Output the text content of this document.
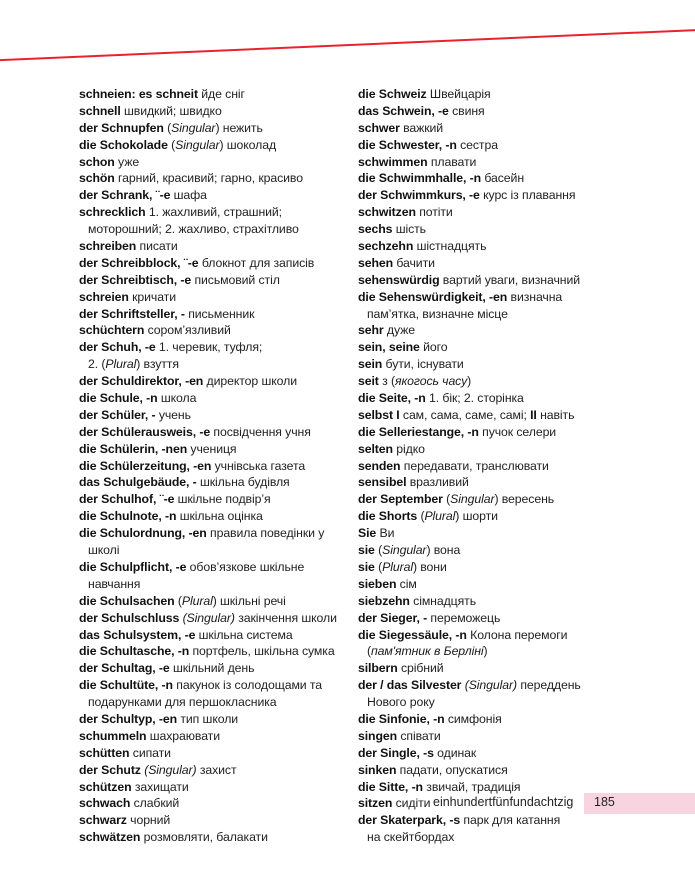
schneien: es schneit йде сніг
schnell швидкий; швидко
der Schnupfen (Singular) нежить
die Schokolade (Singular) шоколад
schon уже
schön гарний, красивий; гарно, красиво
der Schrank, ¨-e шафа
schrecklich 1. жахливий, страшний;
моторошний; 2. жахливо, страхітливо
schreiben писати
der Schreibblock, ¨-e блокнот для записів
der Schreibtisch, -e письмовий стіл
schreien кричати
der Schriftsteller, - письменник
schüchtern сором’язливий
der Schuh, -e 1. черевик, туфля;
2. (Plural) взуття
der Schuldirektor, -en директор школи
die Schule, -n школа
der Schüler, - учень
der Schülerausweis, -e посвідчення учня
die Schülerin, -nen учениця
die Schülerzeitung, -en учнівська газета
das Schulgebäude, - шкільна будівля
der Schulhof, ¨-e шкільне подвір’я
die Schulnote, -n шкільна оцінка
die Schulordnung, -en правила поведінки у
школі
die Schulpflicht, -e обов’язкове шкільне
навчання
die Schulsachen (Plural) шкільні речі
der Schulschluss (Singular) закінчення школи
das Schulsystem, -e шкільна система
die Schultasche, -n портфель, шкільна сумка
der Schultag, -e шкільний день
die Schultüte, -n пакунок із солодощами та
подарунками для першокласника
der Schultyp, -en тип школи
schummeln шахраювати
schütten сипати
der Schutz (Singular) захист
schützen захищати
schwach слабкий
schwarz чорний
schwätzen розмовляти, балакати
die Schweiz Швейцарія
das Schwein, -e свиня
schwer важкий
die Schwester, -n сестра
schwimmen плавати
die Schwimmhalle, -n басейн
der Schwimmkurs, -e курс із плавання
schwitzen потіти
sechs шість
sechzehn шістнадцять
sehen бачити
sehenswürdig вартий уваги, визначний
die Sehenswürdigkeit, -en визначна
пам’ятка, визначне місце
sehr дуже
sein, seine його
sein бути, існувати
seit з (якогось часу)
die Seite, -n 1. бік; 2. сторінка
selbst I сам, сама, саме, самі; II навіть
die Selleriestange, -n пучок селери
selten рідко
senden передавати, транслювати
sensibel вразливий
der September (Singular) вересень
die Shorts (Plural) шорти
Sie Ви
sie (Singular) вона
sie (Plural) вони
sieben сім
siebzehn сімнадцять
der Sieger, - переможець
die Siegessäule, -n Колона перемоги
(пам'ятник в Берліні)
silbern срібний
der / das Silvester (Singular) переддень
Нового року
die Sinfonie, -n симфонія
singen співати
der Single, -s одинак
sinken падати, опускатися
die Sitte, -n звичай, традиція
sitzen сидіти
der Skaterpark, -s парк для катання
на скейтбордах
einhundertfünfundachtzig 185
